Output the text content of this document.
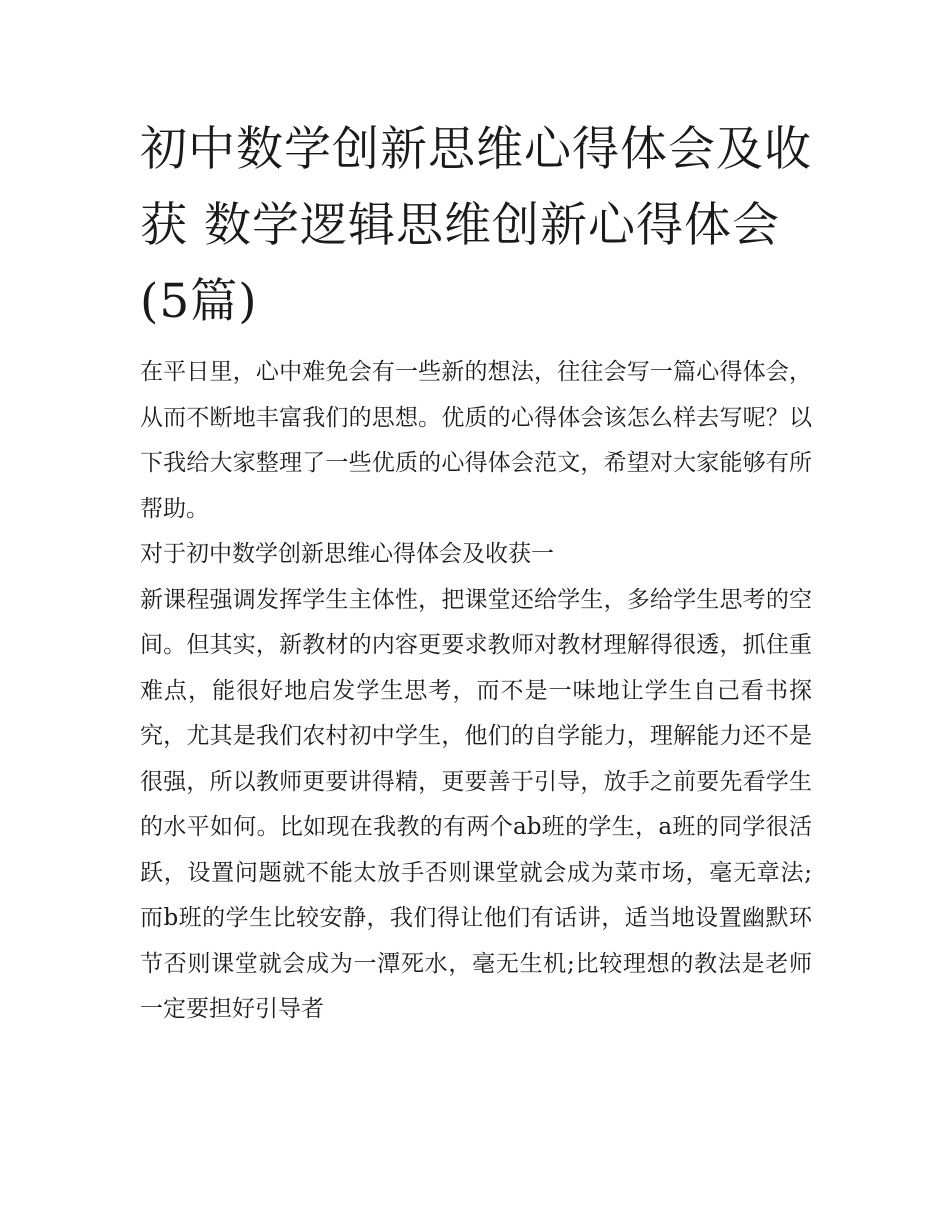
初中数学创新思维心得体会及收获 数学逻辑思维创新心得体会(5篇)

在平日里，心中难免会有一些新的想法，往往会写一篇心得体会，从而不断地丰富我们的思想。优质的心得体会该怎么样去写呢？以下我给大家整理了一些优质的心得体会范文，希望对大家能够有所帮助。

对于初中数学创新思维心得体会及收获一

新课程强调发挥学生主体性，把课堂还给学生，多给学生思考的空间。但其实，新教材的内容更要求教师对教材理解得很透，抓住重难点，能很好地启发学生思考，而不是一味地让学生自己看书探究，尤其是我们农村初中学生，他们的自学能力，理解能力还不是很强，所以教师更要讲得精，更要善于引导，放手之前要先看学生的水平如何。比如现在我教的有两个ab班的学生，a班的同学很活跃，设置问题就不能太放手否则课堂就会成为菜市场，毫无章法;而b班的学生比较安静，我们得让他们有话讲，适当地设置幽默环节否则课堂就会成为一潭死水，毫无生机;比较理想的教法是老师一定要担好引导者
